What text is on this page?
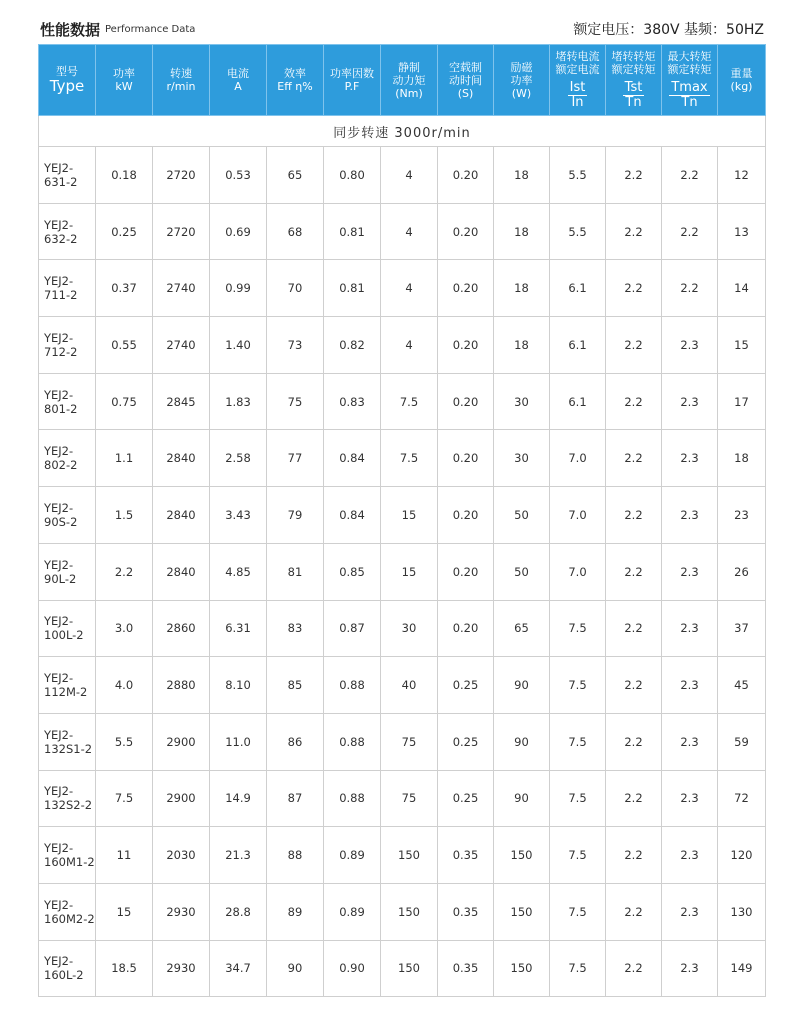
性能数据 Performance Data	额定电压：380V 基频：50HZ
型号
Type	功率
kW	转速
r/min	电流
A	效率
Eff η%	功率因数
P.F	静制
动力矩
(Nm)	空载制
动时间
(S)	励磁
功率
(W)	堵转电流
额定电流
Ist
In	堵转转矩
额定转矩
Tst
Tn	最大转矩
额定转矩
Tmax
Tn	重量
(kg)

同步转速 3000r/min												

YEJ2-
631-2	0.18	2720	0.53	65	0.80	4	0.20	18	5.5	2.2	2.2	12

YEJ2-
632-2	0.25	2720	0.69	68	0.81	4	0.20	18	5.5	2.2	2.2	13

YEJ2-
711-2	0.37	2740	0.99	70	0.81	4	0.20	18	6.1	2.2	2.2	14

YEJ2-
712-2	0.55	2740	1.40	73	0.82	4	0.20	18	6.1	2.2	2.3	15

YEJ2-
801-2	0.75	2845	1.83	75	0.83	7.5	0.20	30	6.1	2.2	2.3	17

YEJ2-
802-2	1.1	2840	2.58	77	0.84	7.5	0.20	30	7.0	2.2	2.3	18

YEJ2-
90S-2	1.5	2840	3.43	79	0.84	15	0.20	50	7.0	2.2	2.3	23

YEJ2-
90L-2	2.2	2840	4.85	81	0.85	15	0.20	50	7.0	2.2	2.3	26

YEJ2-
100L-2	3.0	2860	6.31	83	0.87	30	0.20	65	7.5	2.2	2.3	37

YEJ2-
112M-2	4.0	2880	8.10	85	0.88	40	0.25	90	7.5	2.2	2.3	45

YEJ2-
132S1-2	5.5	2900	11.0	86	0.88	75	0.25	90	7.5	2.2	2.3	59

YEJ2-
132S2-2	7.5	2900	14.9	87	0.88	75	0.25	90	7.5	2.2	2.3	72

YEJ2-
160M1-2	11	2030	21.3	88	0.89	150	0.35	150	7.5	2.2	2.3	120

YEJ2-
160M2-2	15	2930	28.8	89	0.89	150	0.35	150	7.5	2.2	2.3	130

YEJ2-
160L-2	18.5	2930	34.7	90	0.90	150	0.35	150	7.5	2.2	2.3	149
